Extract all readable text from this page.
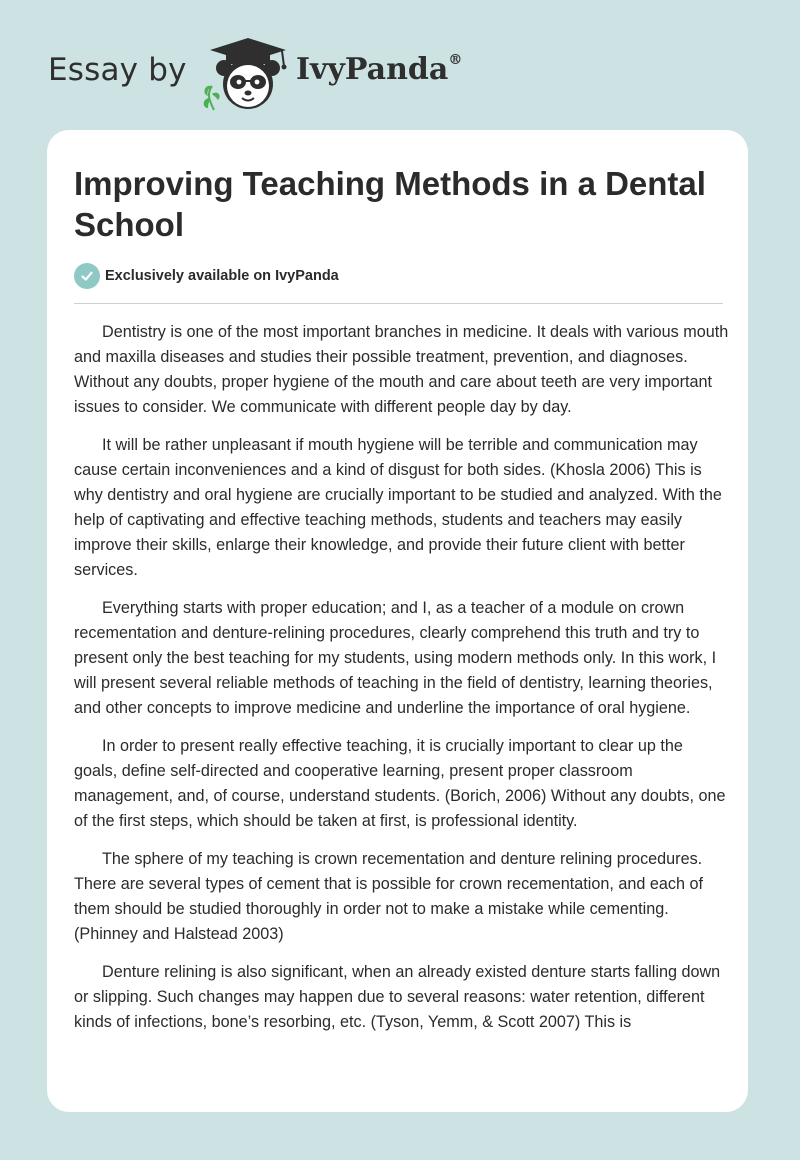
Essay by	IvyPanda®
Improving Teaching Methods in a Dental School
Exclusively available on IvyPanda

Dentistry is one of the most important branches in medicine. It deals with various mouth and maxilla diseases and studies their possible treatment, prevention, and diagnoses. Without any doubts, proper hygiene of the mouth and care about teeth are very important issues to consider. We communicate with different people day by day.

It will be rather unpleasant if mouth hygiene will be terrible and communication may cause certain inconveniences and a kind of disgust for both sides. (Khosla 2006) This is why dentistry and oral hygiene are crucially important to be studied and analyzed. With the help of captivating and effective teaching methods, students and teachers may easily improve their skills, enlarge their knowledge, and provide their future client with better services.

Everything starts with proper education; and I, as a teacher of a module on crown recementation and denture-relining procedures, clearly comprehend this truth and try to present only the best teaching for my students, using modern methods only. In this work, I will present several reliable methods of teaching in the field of dentistry, learning theories, and other concepts to improve medicine and underline the importance of oral hygiene.

In order to present really effective teaching, it is crucially important to clear up the goals, define self-directed and cooperative learning, present proper classroom management, and, of course, understand students. (Borich, 2006) Without any doubts, one of the first steps, which should be taken at first, is professional identity.

The sphere of my teaching is crown recementation and denture relining procedures. There are several types of cement that is possible for crown recementation, and each of them should be studied thoroughly in order not to make a mistake while cementing. (Phinney and Halstead 2003)

Denture relining is also significant, when an already existed denture starts falling down or slipping. Such changes may happen due to several reasons: water retention, different kinds of infections, bone’s resorbing, etc. (Tyson, Yemm, & Scott 2007) This is
